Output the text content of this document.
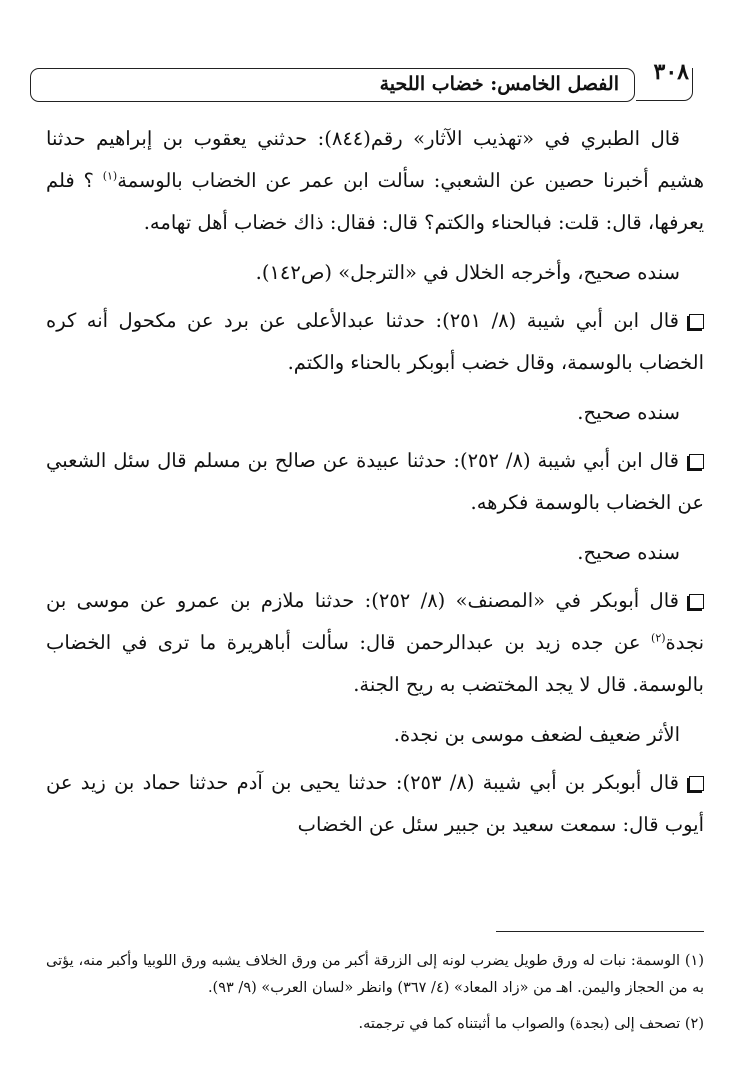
٣٠٨
الفصل الخامس: خضاب اللحية

قال الطبري في «تهذيب الآثار» رقم(٨٤٤): حدثني يعقوب بن إبراهيم حدثنا هشيم أخبرنا حصين عن الشعبي: سألت ابن عمر عن الخضاب بالوسمة$^{(١)}$ ؟ فلم يعرفها، قال: قلت: فبالحناء والكتم؟ قال: فقال: ذاك خضاب أهل تهامه.

سنده صحيح، وأخرجه الخلال في «الترجل» (ص١٤٢).

قال ابن أبي شيبة (٨/ ٢٥١): حدثنا عبدالأعلى عن برد عن مكحول أنه كره الخضاب بالوسمة، وقال خضب أبوبكر بالحناء والكتم.

سنده صحيح.

قال ابن أبي شيبة (٨/ ٢٥٢): حدثنا عبيدة عن صالح بن مسلم قال سئل الشعبي عن الخضاب بالوسمة فكرهه.

سنده صحيح.

قال أبوبكر في «المصنف» (٨/ ٢٥٢): حدثنا ملازم بن عمرو عن موسى بن نجدة$^{(٢)}$ عن جده زيد بن عبدالرحمن قال: سألت أباهريرة ما ترى في الخضاب بالوسمة. قال لا يجد المختضب به ريح الجنة.

الأثر ضعيف لضعف موسى بن نجدة.

قال أبوبكر بن أبي شيبة (٨/ ٢٥٣): حدثنا يحيى بن آدم حدثنا حماد بن زيد عن أيوب قال: سمعت سعيد بن جبير سئل عن الخضاب

(١) الوسمة: نبات له ورق طويل يضرب لونه إلى الزرقة أكبر من ورق الخلاف يشبه ورق اللوبيا وأكبر منه، يؤتى به من الحجاز واليمن. اهـ من «زاد المعاد» (٤/ ٣٦٧) وانظر «لسان العرب» (٩/ ٩٣).

(٢) تصحف إلى (بجدة) والصواب ما أثبتناه كما في ترجمته.
